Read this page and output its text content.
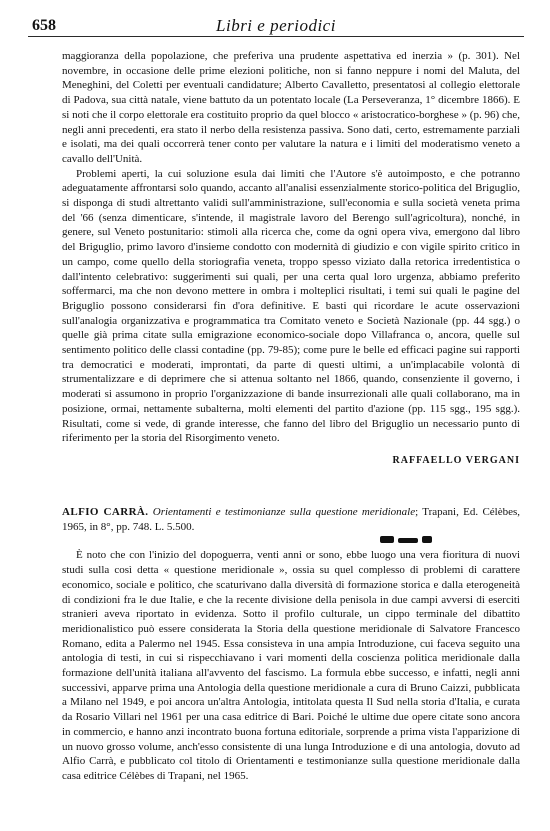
658	Libri e periodici

maggioranza della popolazione, che preferiva una prudente aspettativa ed inerzia » (p. 301). Nel novembre, in occasione delle prime elezioni politiche, non si fanno neppure i nomi del Maluta, del Meneghini, del Coletti per eventuali candidature; Alberto Cavalletto, presentatosi al collegio elettorale di Padova, sua città natale, viene battuto da un potentato locale (La Perseveranza, 1° dicembre 1866). E si noti che il corpo elettorale era costituito proprio da quel blocco « aristocratico-borghese » (p. 96) che, negli anni precedenti, era stato il nerbo della resistenza passiva. Sono dati, certo, estremamente parziali e isolati, ma dei quali occorrerà tener conto per valutare la natura e i limiti del moderatismo veneto a cavallo dell'Unità.

Problemi aperti, la cui soluzione esula dai limiti che l'Autore s'è autoimposto, e che potranno adeguatamente affrontarsi solo quando, accanto all'analisi essenzialmente storico-politica del Briguglio, si disponga di studi altrettanto validi sull'amministrazione, sull'economia e sulla società veneta prima del '66 (senza dimenticare, s'intende, il magistrale lavoro del Berengo sull'agricoltura), nonché, in genere, sul Veneto postunitario: stimoli alla ricerca che, come da ogni opera viva, emergono dal libro del Briguglio, primo lavoro d'insieme condotto con modernità di giudizio e con vigile spirito critico in un campo, come quello della storiografia veneta, troppo spesso viziato dalla retorica irredentistica o dall'intento celebrativo: suggerimenti sui quali, per una certa qual loro urgenza, abbiamo preferito soffermarci, ma che non devono mettere in ombra i molteplici risultati, i temi sui quali le pagine del Briguglio possono considerarsi fin d'ora definitive. E basti qui ricordare le acute osservazioni sull'analogia organizzativa e programmatica tra Comitato veneto e Società Nazionale (pp. 44 sgg.) o quelle già prima citate sulla emigrazione economico-sociale dopo Villafranca o, ancora, quelle sul sentimento politico delle classi contadine (pp. 79-85); come pure le belle ed efficaci pagine sui rapporti tra democratici e moderati, improntati, da parte di questi ultimi, a un'implacabile volontà di strumentalizzare e di deprimere che si attenua soltanto nel 1866, quando, consenziente il governo, i moderati si assumono in proprio l'organizzazione di bande insurrezionali alle quali collaborano, ma in posizione, ormai, nettamente subalterna, molti elementi del partito d'azione (pp. 115 sgg., 195 sgg.). Risultati, come si vede, di grande interesse, che fanno del libro del Briguglio un necessario punto di riferimento per la storia del Risorgimento veneto.

RAFFAELLO VERGANI

ALFIO CARRÀ. Orientamenti e testimonianze sulla questione meridionale; Trapani, Ed. Célèbes, 1965, in 8°, pp. 748. L. 5.500.

È noto che con l'inizio del dopoguerra, venti anni or sono, ebbe luogo una vera fioritura di nuovi studi sulla così detta « questione meridionale », ossia su quel complesso di problemi di carattere economico, sociale e politico, che scaturivano dalla diversità di formazione storica e dalla eterogeneità di condizioni fra le due Italie, e che la recente divisione della penisola in due campi avversi di eserciti stranieri aveva riportato in evidenza. Sotto il profilo culturale, un cippo terminale del dibattito meridionalistico può essere considerata la Storia della questione meridionale di Salvatore Francesco Romano, edita a Palermo nel 1945. Essa consisteva in una ampia Introduzione, cui faceva seguito una antologia di testi, in cui si rispecchiavano i vari momenti della coscienza politica meridionale dalla formazione dell'unità italiana all'avvento del fascismo. La formula ebbe successo, e infatti, negli anni successivi, apparve prima una Antologia della questione meridionale a cura di Bruno Caizzi, pubblicata a Milano nel 1949, e poi ancora un'altra Antologia, intitolata questa Il Sud nella storia d'Italia, e curata da Rosario Villari nel 1961 per una casa editrice di Bari. Poiché le ultime due opere citate sono ancora in commercio, e hanno anzi incontrato buona fortuna editoriale, sorprende a prima vista l'apparizione di un nuovo grosso volume, anch'esso consistente di una lunga Introduzione e di una antologia, dovuto ad Alfio Carrà, e pubblicato col titolo di Orientamenti e testimonianze sulla questione meridionale dalla casa editrice Célèbes di Trapani, nel 1965.
